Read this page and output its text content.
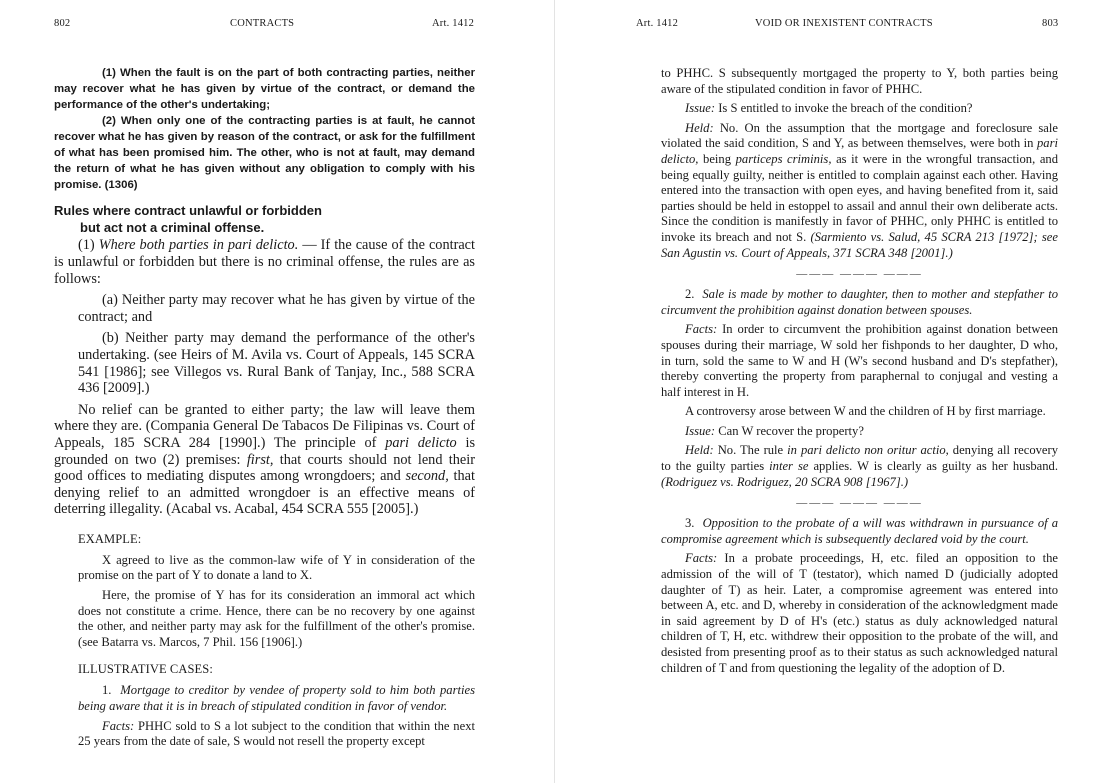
802	CONTRACTS	Art. 1412

(1) When the fault is on the part of both contracting parties, neither may recover what he has given by virtue of the contract, or demand the performance of the other's undertaking;

(2) When only one of the contracting parties is at fault, he cannot recover what he has given by reason of the contract, or ask for the fulfillment of what has been promised him. The other, who is not at fault, may demand the return of what he has given without any obligation to comply with his promise. (1306)

Rules where contract unlawful or forbidden
but act not a criminal offense.

(1) Where both parties in pari delicto. — If the cause of the contract is unlawful or forbidden but there is no criminal offense, the rules are as follows:

(a) Neither party may recover what he has given by virtue of the contract; and

(b) Neither party may demand the performance of the other's undertaking. (see Heirs of M. Avila vs. Court of Appeals, 145 SCRA 541 [1986]; see Villegos vs. Rural Bank of Tanjay, Inc., 588 SCRA 436 [2009].)

No relief can be granted to either party; the law will leave them where they are. (Compania General De Tabacos De Filipinas vs. Court of Appeals, 185 SCRA 284 [1990].) The principle of pari delicto is grounded on two (2) premises: first, that courts should not lend their good offices to mediating disputes among wrongdoers; and second, that denying relief to an admitted wrongdoer is an effective means of deterring illegality. (Acabal vs. Acabal, 454 SCRA 555 [2005].)

EXAMPLE:

X agreed to live as the common-law wife of Y in consideration of the promise on the part of Y to donate a land to X.

Here, the promise of Y has for its consideration an immoral act which does not constitute a crime. Hence, there can be no recovery by one against the other, and neither party may ask for the fulfillment of the other's promise. (see Batarra vs. Marcos, 7 Phil. 156 [1906].)

ILLUSTRATIVE CASES:

1. Mortgage to creditor by vendee of property sold to him both parties being aware that it is in breach of stipulated condition in favor of vendor.

Facts: PHHC sold to S a lot subject to the condition that within the next 25 years from the date of sale, S would not resell the property except

Art. 1412	VOID OR INEXISTENT CONTRACTS	803

to PHHC. S subsequently mortgaged the property to Y, both parties being aware of the stipulated condition in favor of PHHC.

Issue: Is S entitled to invoke the breach of the condition?

Held: No. On the assumption that the mortgage and foreclosure sale violated the said condition, S and Y, as between themselves, were both in pari delicto, being particeps criminis, as it were in the wrongful transaction, and being equally guilty, neither is entitled to complain against each other. Having entered into the transaction with open eyes, and having benefited from it, said parties should be held in estoppel to assail and annul their own deliberate acts. Since the condition is manifestly in favor of PHHC, only PHHC is entitled to invoke its breach and not S. (Sarmiento vs. Salud, 45 SCRA 213 [1972]; see San Agustin vs. Court of Appeals, 371 SCRA 348 [2001].)

——— ——— ———

2. Sale is made by mother to daughter, then to mother and stepfather to circumvent the prohibition against donation between spouses.

Facts: In order to circumvent the prohibition against donation between spouses during their marriage, W sold her fishponds to her daughter, D who, in turn, sold the same to W and H (W's second husband and D's stepfather), thereby converting the property from paraphernal to conjugal and vesting a half interest in H.

A controversy arose between W and the children of H by first marriage.

Issue: Can W recover the property?

Held: No. The rule in pari delicto non oritur actio, denying all recovery to the guilty parties inter se applies. W is clearly as guilty as her husband. (Rodriguez vs. Rodriguez, 20 SCRA 908 [1967].)

——— ——— ———

3. Opposition to the probate of a will was withdrawn in pursuance of a compromise agreement which is subsequently declared void by the court.

Facts: In a probate proceedings, H, etc. filed an opposition to the admission of the will of T (testator), which named D (judicially adopted daughter of T) as heir. Later, a compromise agreement was entered into between A, etc. and D, whereby in consideration of the acknowledgment made in said agreement by D of H's (etc.) status as duly acknowledged natural children of T, H, etc. withdrew their opposition to the probate of the will, and desisted from presenting proof as to their status as such acknowledged natural children of T and from questioning the legality of the adoption of D.
